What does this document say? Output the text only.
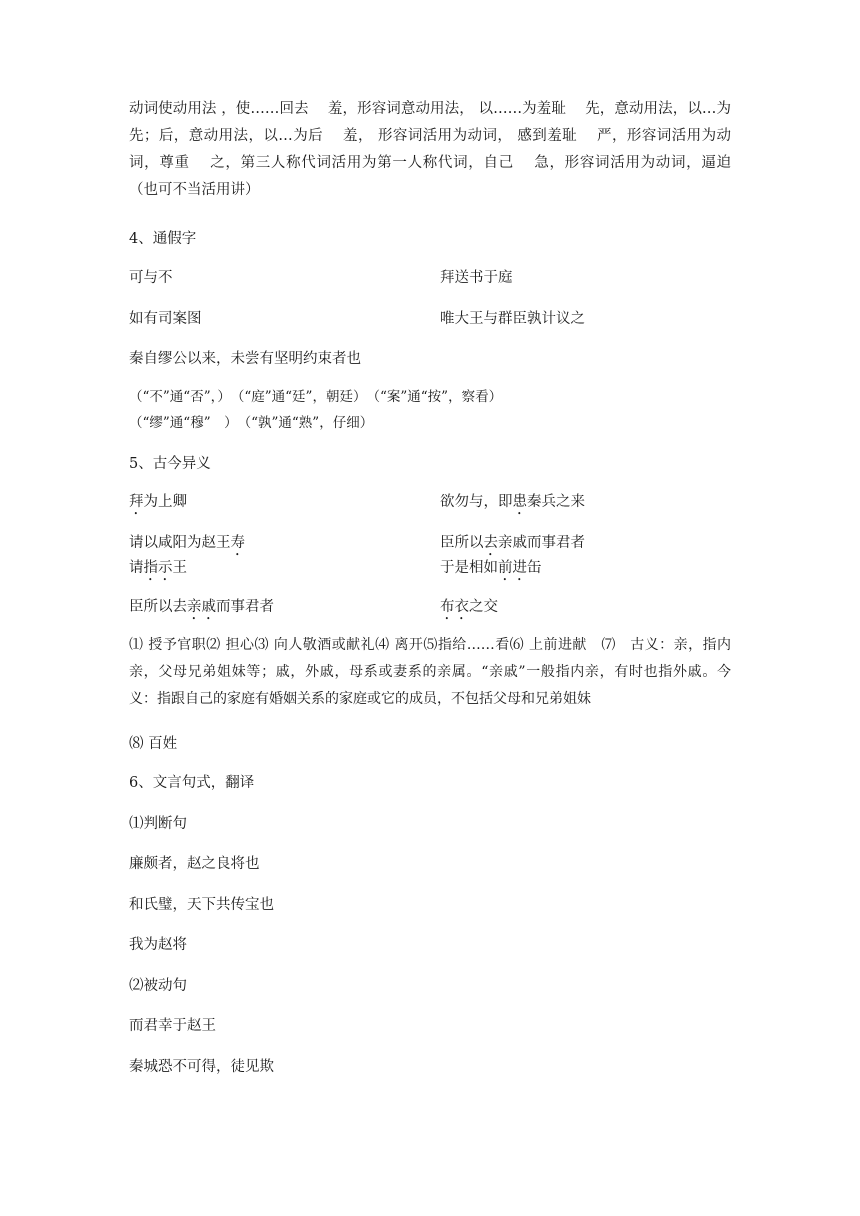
动词使动用法 ，使……回去　 羞，形容词意动用法， 以……为羞耻　 先，意动用法，以…为先；后，意动用法，以…为后　 羞， 形容词活用为动词， 感到羞耻　 严，形容词活用为动词，尊重　 之，第三人称代词活用为第一人称代词，自己　 急，形容词活用为动词，逼迫（也可不当活用讲）

4、通假字
可与不	拜送书于庭
如有司案图	唯大王与群臣孰计议之
秦自缪公以来，未尝有坚明约束者也
（“不”通“否”，）　（“庭”通“廷”，朝廷）　（“案”通“按”，察看）
（“缪”通“穆”　）　（“孰”通“熟”，仔细）
5、古今异义
拜为上卿	欲勿与，即患秦兵之来
请以咸阳为赵王寿	臣所以去亲戚而事君者
请指示王	于是相如前进缶
臣所以去亲戚而事君者	布衣之交

⑴ 授予官职⑵ 担心⑶ 向人敬酒或献礼⑷ 离开⑸指给……看⑹ 上前进献　⑺　古义：亲，指内亲，父母兄弟姐妹等；戚，外戚，母系或妻系的亲属。“亲戚”一般指内亲，有时也指外戚。今义：指跟自己的家庭有婚姻关系的家庭或它的成员，不包括父母和兄弟姐妹

⑻ 百姓
6、文言句式，翻译
⑴判断句
廉颇者，赵之良将也
和氏璧，天下共传宝也
我为赵将
⑵被动句
而君幸于赵王
秦城恐不可得，徒见欺
